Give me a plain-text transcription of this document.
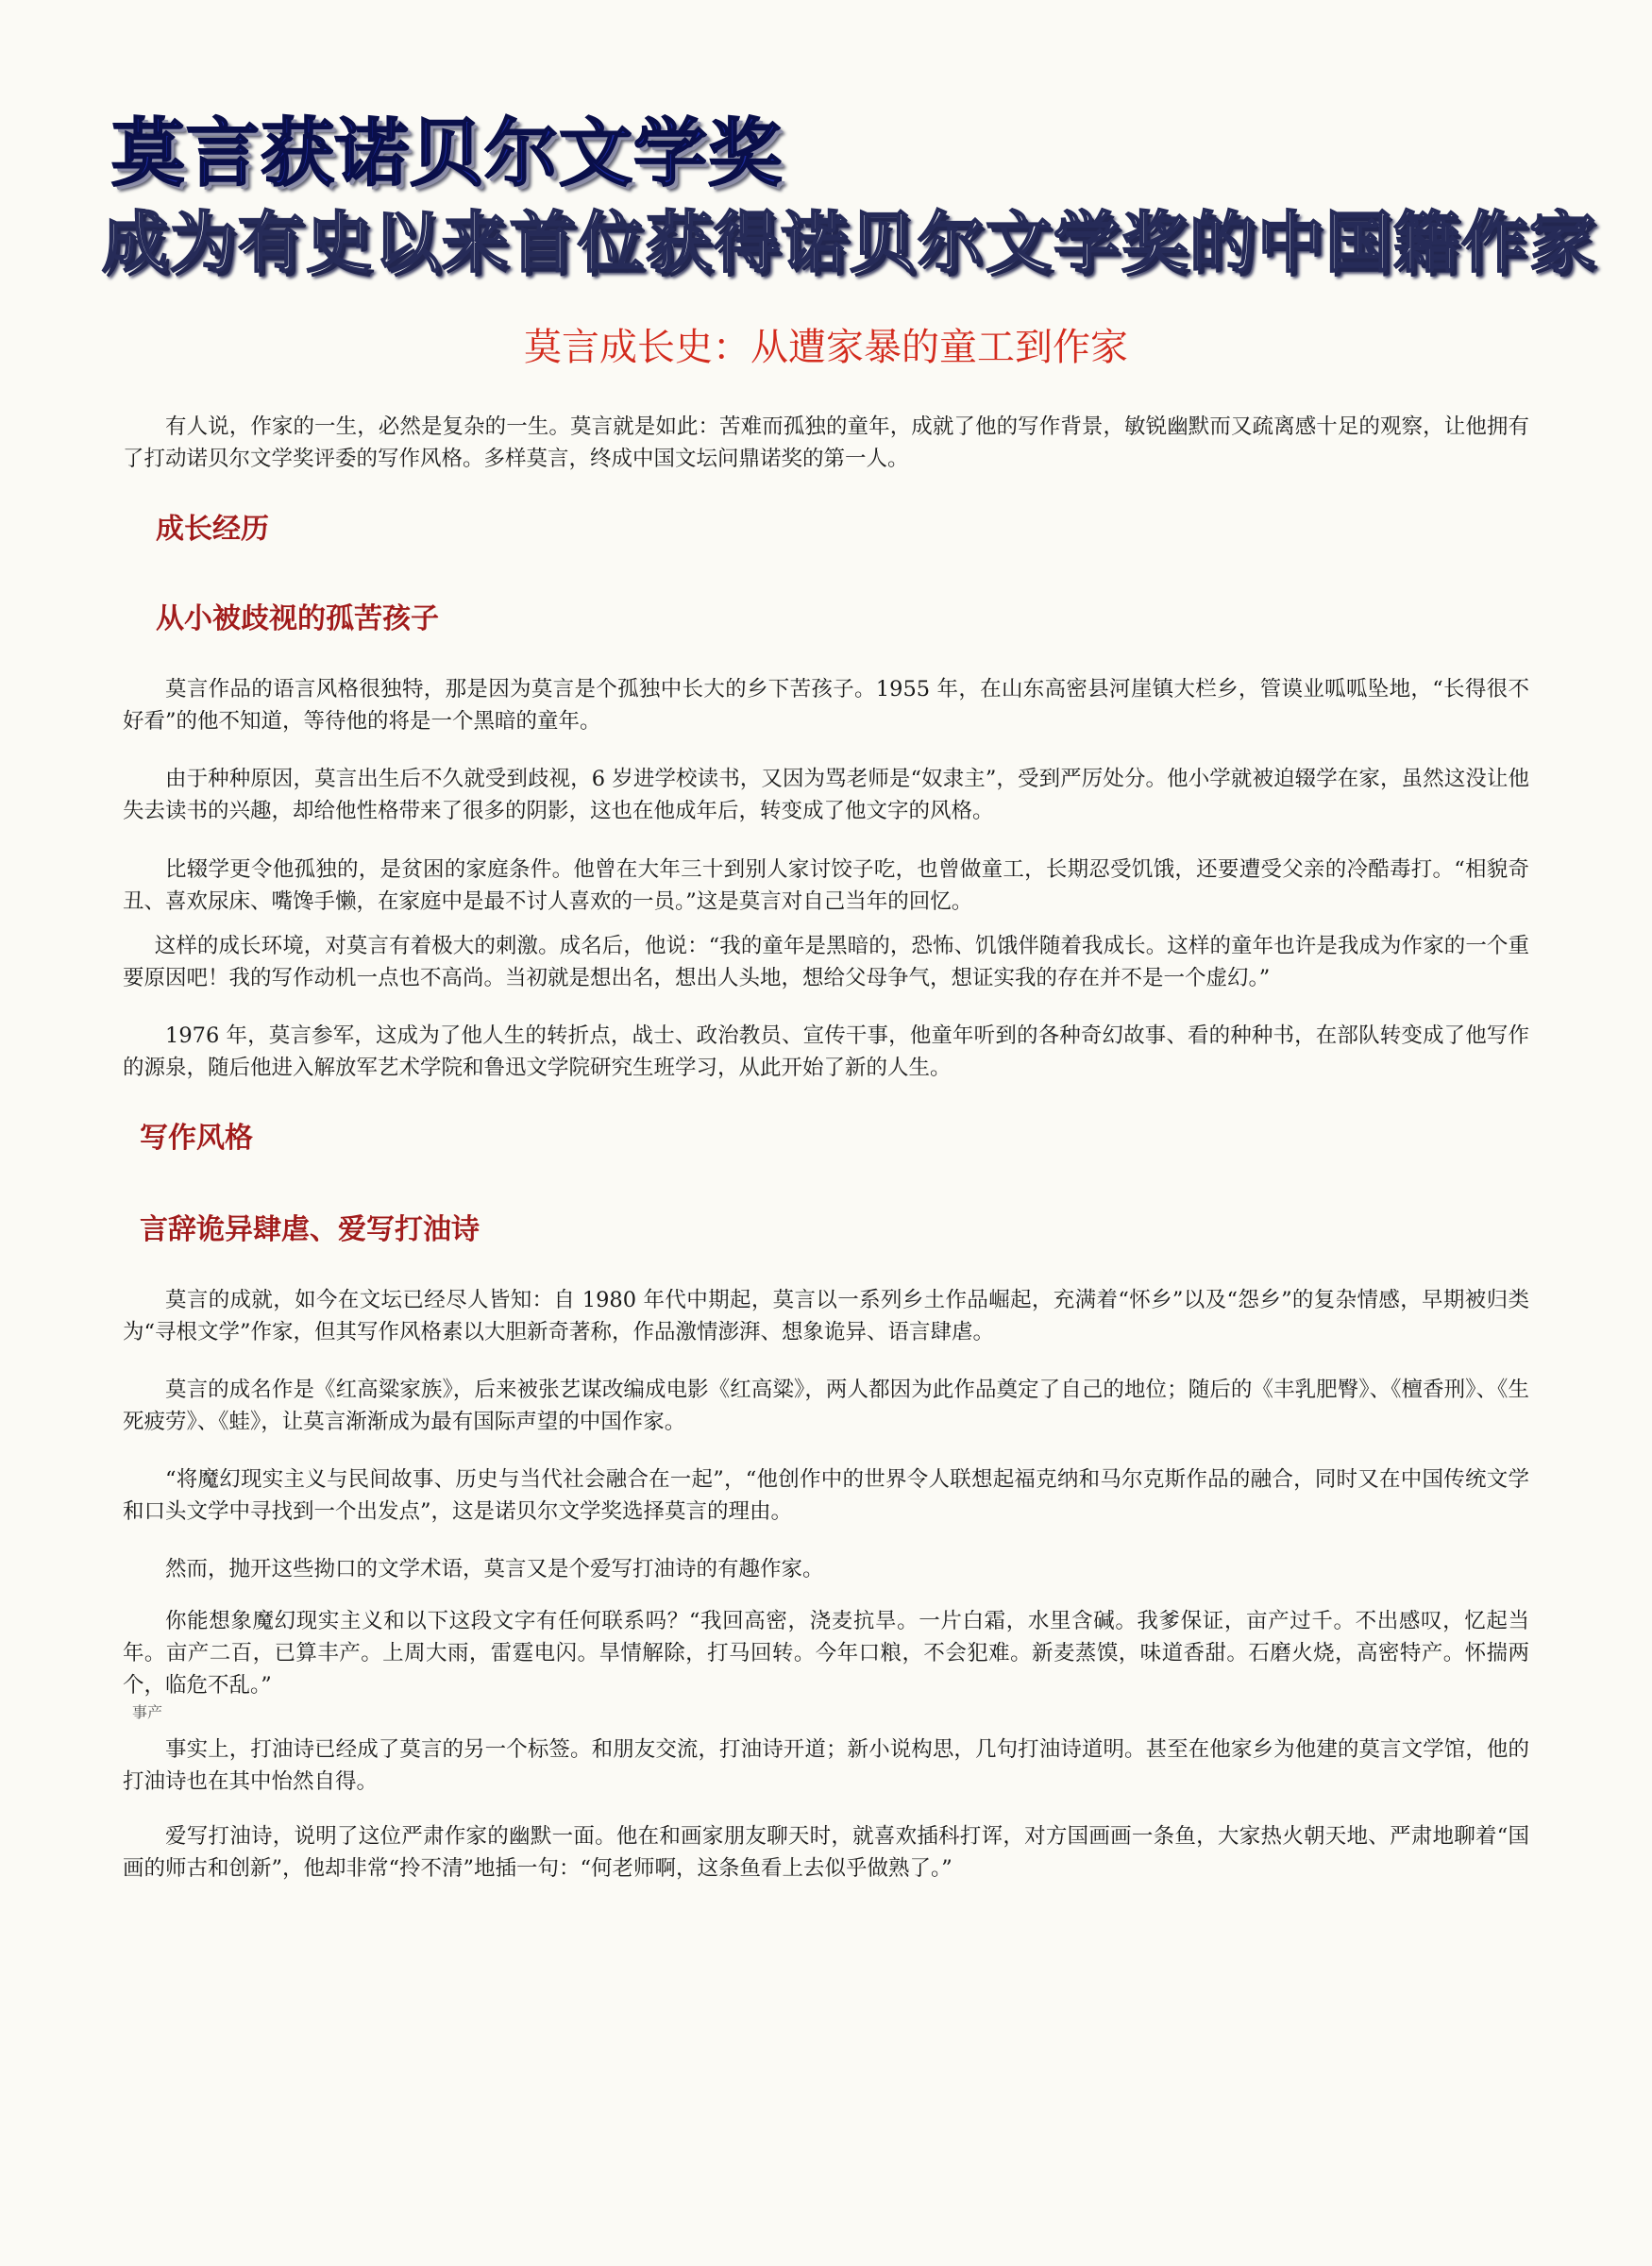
莫言获诺贝尔文学奖
成为有史以来首位获得诺贝尔文学奖的中国籍作家
莫言成长史：从遭家暴的童工到作家

有人说，作家的一生，必然是复杂的一生。莫言就是如此：苦难而孤独的童年，成就了他的写作背景，敏锐幽默而又疏离感十足的观察，让他拥有了打动诺贝尔文学奖评委的写作风格。多样莫言，终成中国文坛问鼎诺奖的第一人。

成长经历
从小被歧视的孤苦孩子

莫言作品的语言风格很独特，那是因为莫言是个孤独中长大的乡下苦孩子。1955 年，在山东高密县河崖镇大栏乡，管谟业呱呱坠地，“长得很不好看”的他不知道，等待他的将是一个黑暗的童年。

由于种种原因，莫言出生后不久就受到歧视，6 岁进学校读书，又因为骂老师是“奴隶主”，受到严厉处分。他小学就被迫辍学在家，虽然这没让他失去读书的兴趣，却给他性格带来了很多的阴影，这也在他成年后，转变成了他文字的风格。

比辍学更令他孤独的，是贫困的家庭条件。他曾在大年三十到别人家讨饺子吃，也曾做童工，长期忍受饥饿，还要遭受父亲的冷酷毒打。“相貌奇丑、喜欢尿床、嘴馋手懒，在家庭中是最不讨人喜欢的一员。”这是莫言对自己当年的回忆。

这样的成长环境，对莫言有着极大的刺激。成名后，他说：“我的童年是黑暗的，恐怖、饥饿伴随着我成长。这样的童年也许是我成为作家的一个重要原因吧！我的写作动机一点也不高尚。当初就是想出名，想出人头地，想给父母争气，想证实我的存在并不是一个虚幻。”

1976 年，莫言参军，这成为了他人生的转折点，战士、政治教员、宣传干事，他童年听到的各种奇幻故事、看的种种书，在部队转变成了他写作的源泉，随后他进入解放军艺术学院和鲁迅文学院研究生班学习，从此开始了新的人生。

写作风格
言辞诡异肆虐、爱写打油诗

莫言的成就，如今在文坛已经尽人皆知：自 1980 年代中期起，莫言以一系列乡土作品崛起，充满着“怀乡”以及“怨乡”的复杂情感，早期被归类为“寻根文学”作家，但其写作风格素以大胆新奇著称，作品激情澎湃、想象诡异、语言肆虐。

莫言的成名作是《红高粱家族》，后来被张艺谋改编成电影《红高粱》，两人都因为此作品奠定了自己的地位；随后的《丰乳肥臀》、《檀香刑》、《生死疲劳》、《蛙》，让莫言渐渐成为最有国际声望的中国作家。

“将魔幻现实主义与民间故事、历史与当代社会融合在一起”，“他创作中的世界令人联想起福克纳和马尔克斯作品的融合，同时又在中国传统文学和口头文学中寻找到一个出发点”，这是诺贝尔文学奖选择莫言的理由。

然而，抛开这些拗口的文学术语，莫言又是个爱写打油诗的有趣作家。

你能想象魔幻现实主义和以下这段文字有任何联系吗？“我回高密，浇麦抗旱。一片白霜，水里含碱。我爹保证，亩产过千。不出感叹，忆起当年。亩产二百，已算丰产。上周大雨，雷霆电闪。旱情解除，打马回转。今年口粮，不会犯难。新麦蒸馍，味道香甜。石磨火烧，高密特产。怀揣两个，临危不乱。”

事产

事实上，打油诗已经成了莫言的另一个标签。和朋友交流，打油诗开道；新小说构思，几句打油诗道明。甚至在他家乡为他建的莫言文学馆，他的打油诗也在其中怡然自得。

爱写打油诗，说明了这位严肃作家的幽默一面。他在和画家朋友聊天时，就喜欢插科打诨，对方国画画一条鱼，大家热火朝天地、严肃地聊着“国画的师古和创新”，他却非常“拎不清”地插一句：“何老师啊，这条鱼看上去似乎做熟了。”
